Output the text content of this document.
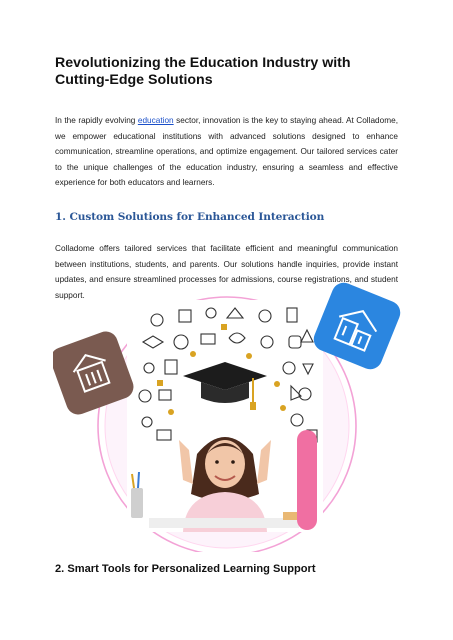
Revolutionizing the Education Industry with Cutting-Edge Solutions

In the rapidly evolving education sector, innovation is the key to staying ahead. At Colladome, we empower educational institutions with advanced solutions designed to enhance communication, streamline operations, and optimize engagement. Our tailored services cater to the unique challenges of the education industry, ensuring a seamless and effective experience for both educators and learners.

1. Custom Solutions for Enhanced Interaction

Colladome offers tailored services that facilitate efficient and meaningful communication between institutions, students, and parents. Our solutions handle inquiries, provide instant updates, and ensure streamlined processes for admissions, course registrations, and student support.

2. Smart Tools for Personalized Learning Support
